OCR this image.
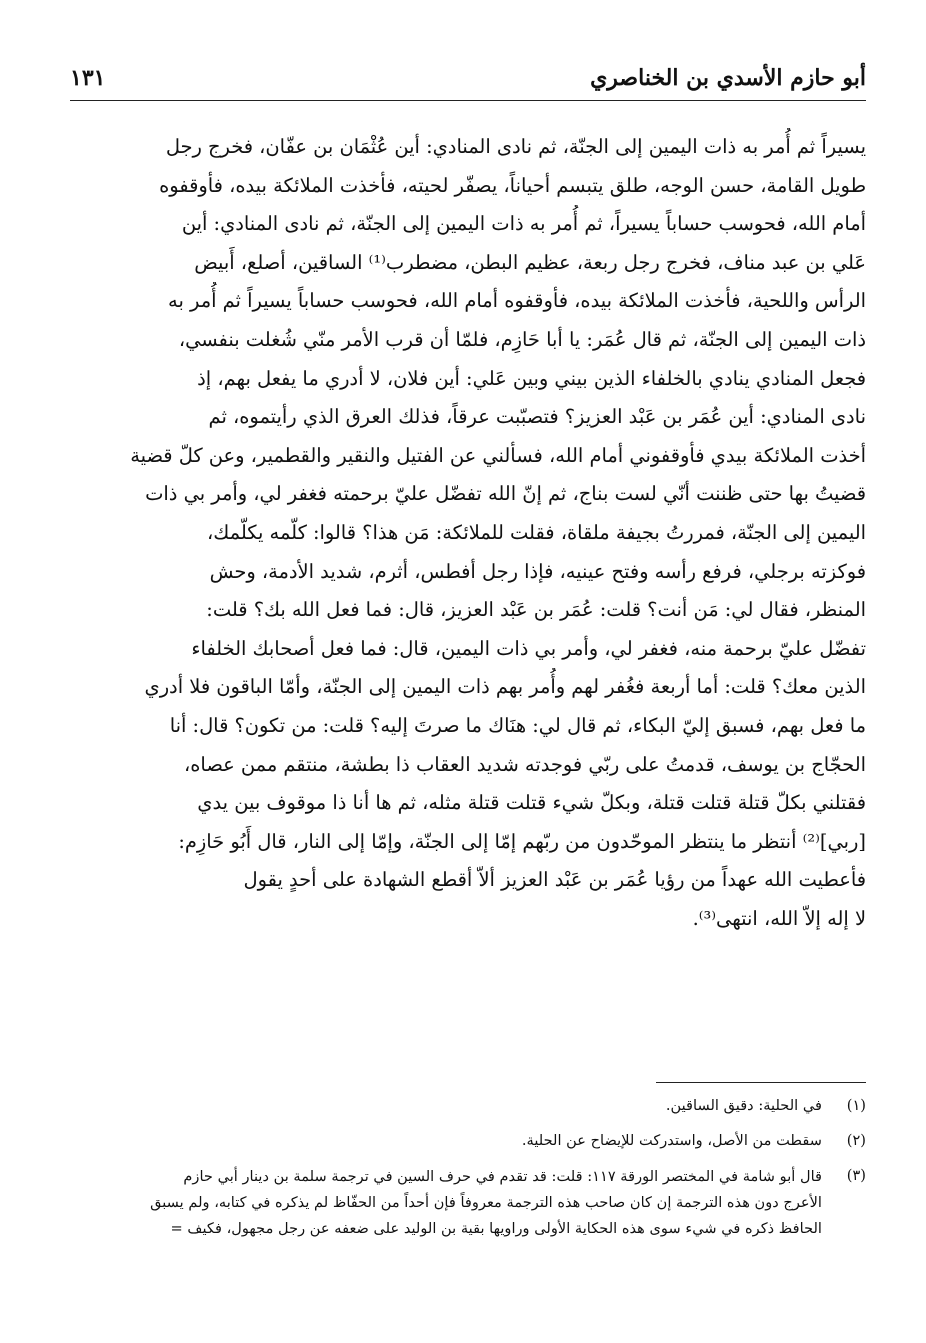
أبو حازم الأسدي بن الخناصري
١٣١
يسيراً ثم أُمر به ذات اليمين إلى الجنّة، ثم نادى المنادي: أين عُثْمَان بن عفّان، فخرج رجل
طويل القامة، حسن الوجه، طلق يتبسم أحياناً، يصفّر لحيته، فأخذت الملائكة بيده، فأوقفوه
أمام الله، فحوسب حساباً يسيراً، ثم أُمر به ذات اليمين إلى الجنّة، ثم نادى المنادي: أين
عَلي بن عبد مناف، فخرج رجل ربعة، عظيم البطن، مضطرب⁽¹⁾ الساقين، أصلع، أَبيض
الرأس واللحية، فأخذت الملائكة بيده، فأوقفوه أمام الله، فحوسب حساباً يسيراً ثم أُمر به
ذات اليمين إلى الجنّة، ثم قال عُمَر: يا أبا حَازِم، فلمّا أن قرب الأمر منّي شُغلت بنفسي،
فجعل المنادي ينادي بالخلفاء الذين بيني وبين عَلي: أين فلان، لا أدري ما يفعل بهم، إذ
نادى المنادي: أين عُمَر بن عَبْد العزيز؟ فتصبّبت عرقاً، فذلك العرق الذي رأيتموه، ثم
أخذت الملائكة بيدي فأوقفوني أمام الله، فسألني عن الفتيل والنقير والقطمير، وعن كلّ قضية
قضيتُ بها حتى ظننت أنّي لست بناج، ثم إنّ الله تفضّل عليّ برحمته فغفر لي، وأمر بي ذات
اليمين إلى الجنّة، فمررتُ بجيفة ملقاة، فقلت للملائكة: مَن هذا؟ قالوا: كلّمه يكلّمك،
فوكزته برجلي، فرفع رأسه وفتح عينيه، فإذا رجل أفطس، أثرم، شديد الأدمة، وحش
المنظر، فقال لي: مَن أنت؟ قلت: عُمَر بن عَبْد العزيز، قال: فما فعل الله بك؟ قلت:
تفضّل عليّ برحمة منه، فغفر لي، وأمر بي ذات اليمين، قال: فما فعل أصحابك الخلفاء
الذين معك؟ قلت: أما أربعة فغُفر لهم وأُمر بهم ذات اليمين إلى الجنّة، وأمّا الباقون فلا أدري
ما فعل بهم، فسبق إليّ البكاء، ثم قال لي: هنَاك ما صرتَ إليه؟ قلت: من تكون؟ قال: أنا
الحجّاج بن يوسف، قدمتُ على ربّي فوجدته شديد العقاب ذا بطشة، منتقم ممن عصاه،
فقتلني بكلّ قتلة قتلت قتلة، وبكلّ شيء قتلت قتلة مثله، ثم ها أنا ذا موقوف بين يدي
[ربي]⁽²⁾ أنتظر ما ينتظر الموحّدون من ربّهم إمّا إلى الجنّة، وإمّا إلى النار، قال أَبُو حَازِم:
فأعطيت الله عهداً من رؤيا عُمَر بن عَبْد العزيز ألاّ أقطع الشهادة على أحدٍ يقول
لا إله إلاّ الله، انتهى⁽³⁾.
(١)
في الحلية: دقيق الساقين.
(٢)
سقطت من الأصل، واستدركت للإيضاح عن الحلية.
(٣)
قال أبو شامة في المختصر الورقة ١١٧: قلت: قد تقدم في حرف السين في ترجمة سلمة بن دينار أبي حازم
الأعرج دون هذه الترجمة إن كان صاحب هذه الترجمة معروفاً فإن أحداً من الحفّاظ لم يذكره في كتابه، ولم يسبق
الحافظ ذكره في شيء سوى هذه الحكاية الأولى وراويها بقية بن الوليد على ضعفه عن رجل مجهول، فكيف =
